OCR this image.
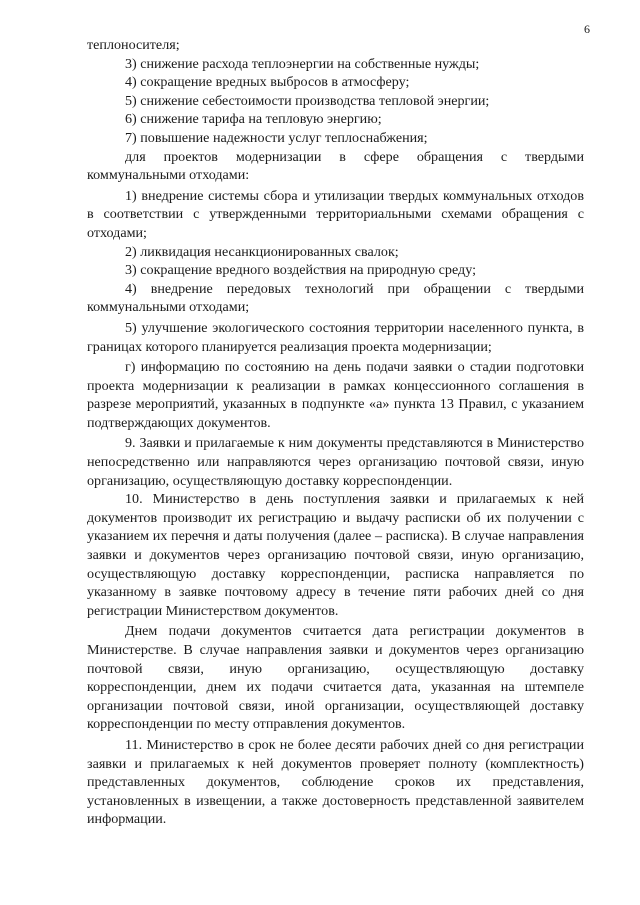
6

теплоносителя;

3) снижение расхода теплоэнергии на собственные нужды;

4) сокращение вредных выбросов в атмосферу;

5) снижение себестоимости производства тепловой энергии;

6) снижение тарифа на тепловую энергию;

7) повышение надежности услуг теплоснабжения;

для проектов модернизации в сфере обращения с твердыми коммунальными отходами:

1) внедрение системы сбора и утилизации твердых коммунальных отходов в соответствии с утвержденными территориальными схемами обращения с отходами;

2) ликвидация несанкционированных свалок;

3) сокращение вредного воздействия на природную среду;

4) внедрение передовых технологий при обращении с твердыми коммунальными отходами;

5) улучшение экологического состояния территории населенного пункта, в границах которого планируется реализация проекта модернизации;

г) информацию по состоянию на день подачи заявки о стадии подготовки проекта модернизации к реализации в рамках концессионного соглашения в разрезе мероприятий, указанных в подпункте «а» пункта 13 Правил, с указанием подтверждающих документов.

9. Заявки и прилагаемые к ним документы представляются в Министерство непосредственно или направляются через организацию почтовой связи, иную организацию, осуществляющую доставку корреспонденции.

10. Министерство в день поступления заявки и прилагаемых к ней документов производит их регистрацию и выдачу расписки об их получении с указанием их перечня и даты получения (далее – расписка). В случае направления заявки и документов через организацию почтовой связи, иную организацию, осуществляющую доставку корреспонденции, расписка направляется по указанному в заявке почтовому адресу в течение пяти рабочих дней со дня регистрации Министерством документов.

Днем подачи документов считается дата регистрации документов в Министерстве. В случае направления заявки и документов через организацию почтовой связи, иную организацию, осуществляющую доставку корреспонденции, днем их подачи считается дата, указанная на штемпеле организации почтовой связи, иной организации, осуществляющей доставку корреспонденции по месту отправления документов.

11. Министерство в срок не более десяти рабочих дней со дня регистрации заявки и прилагаемых к ней документов проверяет полноту (комплектность) представленных документов, соблюдение сроков их представления, установленных в извещении, а также достоверность представленной заявителем информации.
